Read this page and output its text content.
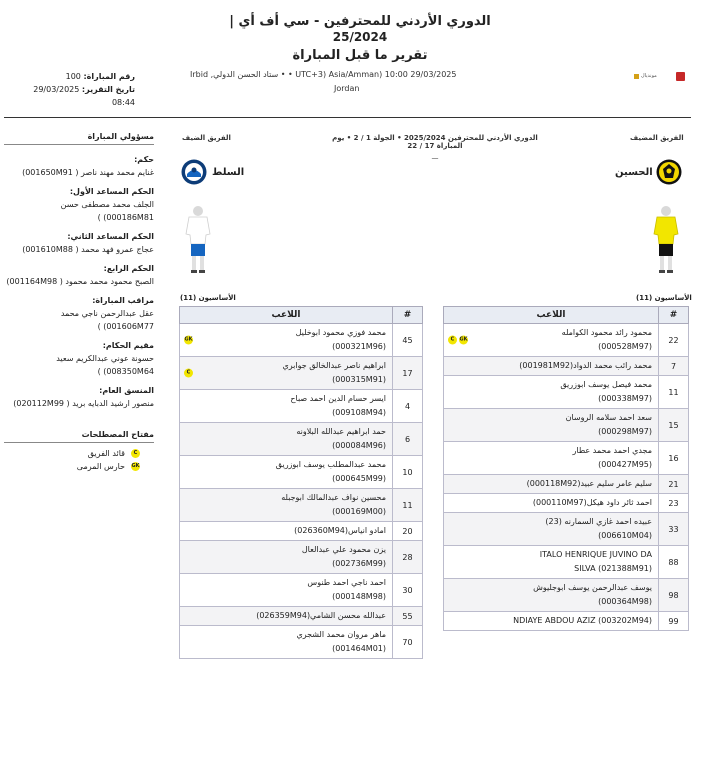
الدوري الأردني للمحترفين - سي أف أي |
25/2024
تقرير ما قبل المباراة
مونديال
Irbid ,ستاد الحسن الدولي • • UTC+3) Asia/Amman) 10:00 29/03/2025
Jordan
رقم المباراة: 100
تاريخ التقرير: 29/03/2025
08:44
مسؤولي المباراة
حكم:
غنايم محمد مهند ناصر ( 001650M91)
الحكم المساعد الأول:
الجلف محمد مصطفى حسن
000186M81) )
الحكم المساعد الثاني:
عجاج عمرو فهد محمد ( 001610M88)
الحكم الرابع:
الصبح محمود محمد محمود ( 001164M98)
مراقب المباراة:
عقل عبدالرحمن ناجي محمد
001606M77) )
مقيم الحكام:
حسونة عوني عبدالكريم سعيد
008350M64) )
المنسق العام:
منصور ارشيد الدبايه بريد ( 020112M99)
مفتاح المصطلحات
C
قائد الفريق
GK
حارس المرمى
الفريق الضيف	الفريق المضيف
الدوري الأردني للمحترفين 2025/2024 • الجولة 1 / 2 • يوم
المباراة 17 / 22
—
السلط	الحسين
الأساسيون (11)	الأساسيون (11)
#	اللاعب
45	محمد فوزي محمود ابوخليل
(000321M96)
GK

17	ابراهيم ناصر عبدالخالق جوابري
(000315M91)
C

4	ايسر حسام الدين احمد صباح
(009108M94)

6	حمد ابراهيم عبدالله البلاونه
(000084M96)

10	محمد عبدالمطلب يوسف ابوزريق
(000645M99)

11	محسين نواف عبدالمالك ابوجبله
(000169M00)

20	امادو انياس(026360M94)

28	يزن محمود علي عبدالعال
(002736M99)

30	احمد ناجي احمد طنوس
(000148M98)

55	عبدالله محسن الشامي(026359M94)

70	ماهر مروان محمد الشجري
(001464M01)
#	اللاعب
22	محمود رائد محمود الكوامله
(000528M97)
GK
C

7	محمد رائب محمد الدواد(001981M92)

11	محمد فيصل يوسف ابوزريق
(000338M97)

15	سعد احمد سلامه الروسان
(000298M97)

16	مجدي احمد محمد عطار
(000427M95)

21	سليم عامر سليم عبيد(000118M92)

23	احمد ثائر داود هيكل(000110M97)

33	عبيده احمد غازي السمارنه (23)
(006610M04)

88	ITALO HENRIQUE JUVINO DA
SILVA (021388M91)

98	يوسف عبدالرحمن يوسف ابوجليوش
(000364M98)

99	NDIAYE ABDOU AZIZ (003202M94)
